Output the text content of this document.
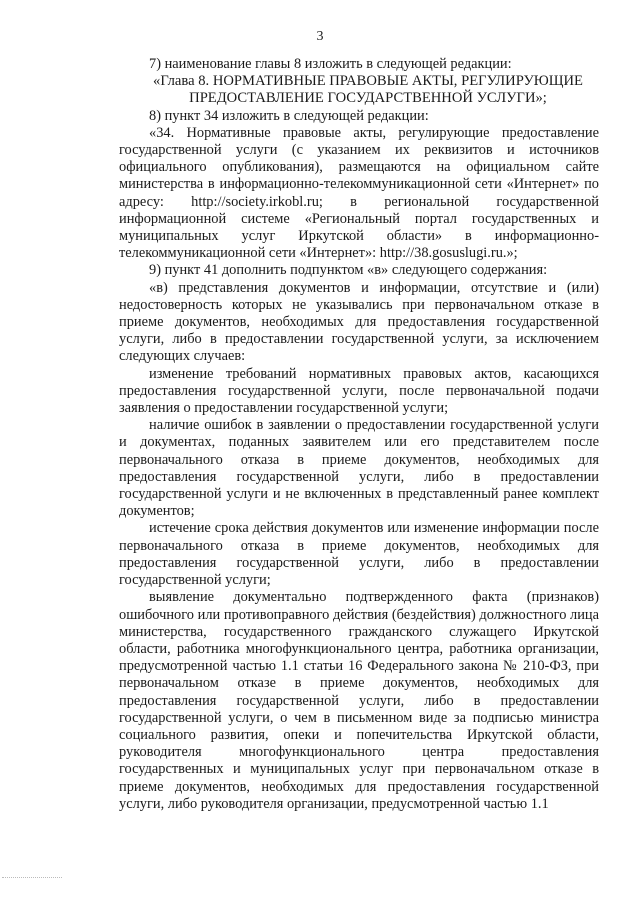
3

7) наименование главы 8 изложить в следующей редакции:

«Глава 8. НОРМАТИВНЫЕ ПРАВОВЫЕ АКТЫ, РЕГУЛИРУЮЩИЕ ПРЕДОСТАВЛЕНИЕ ГОСУДАРСТВЕННОЙ УСЛУГИ»;

8) пункт 34 изложить в следующей редакции:

«34. Нормативные правовые акты, регулирующие предоставление государственной услуги (с указанием их реквизитов и источников официального опубликования), размещаются на официальном сайте министерства в информационно-телекоммуникационной сети «Интернет» по адресу: http://society.irkobl.ru; в региональной государственной информационной системе «Региональный портал государственных и муниципальных услуг Иркутской области» в информационно-телекоммуникационной сети «Интернет»: http://38.gosuslugi.ru.»;

9) пункт 41 дополнить подпунктом «в» следующего содержания:

«в) представления документов и информации, отсутствие и (или) недостоверность которых не указывались при первоначальном отказе в приеме документов, необходимых для предоставления государственной услуги, либо в предоставлении государственной услуги, за исключением следующих случаев:

изменение требований нормативных правовых актов, касающихся предоставления государственной услуги, после первоначальной подачи заявления о предоставлении государственной услуги;

наличие ошибок в заявлении о предоставлении государственной услуги и документах, поданных заявителем или его представителем после первоначального отказа в приеме документов, необходимых для предоставления государственной услуги, либо в предоставлении государственной услуги и не включенных в представленный ранее комплект документов;

истечение срока действия документов или изменение информации после первоначального отказа в приеме документов, необходимых для предоставления государственной услуги, либо в предоставлении государственной услуги;

выявление документально подтвержденного факта (признаков) ошибочного или противоправного действия (бездействия) должностного лица министерства, государственного гражданского служащего Иркутской области, работника многофункционального центра, работника организации, предусмотренной частью 1.1 статьи 16 Федерального закона № 210-ФЗ, при первоначальном отказе в приеме документов, необходимых для предоставления государственной услуги, либо в предоставлении государственной услуги, о чем в письменном виде за подписью министра социального развития, опеки и попечительства Иркутской области, руководителя многофункционального центра предоставления государственных и муниципальных услуг при первоначальном отказе в приеме документов, необходимых для предоставления государственной услуги, либо руководителя организации, предусмотренной частью 1.1
